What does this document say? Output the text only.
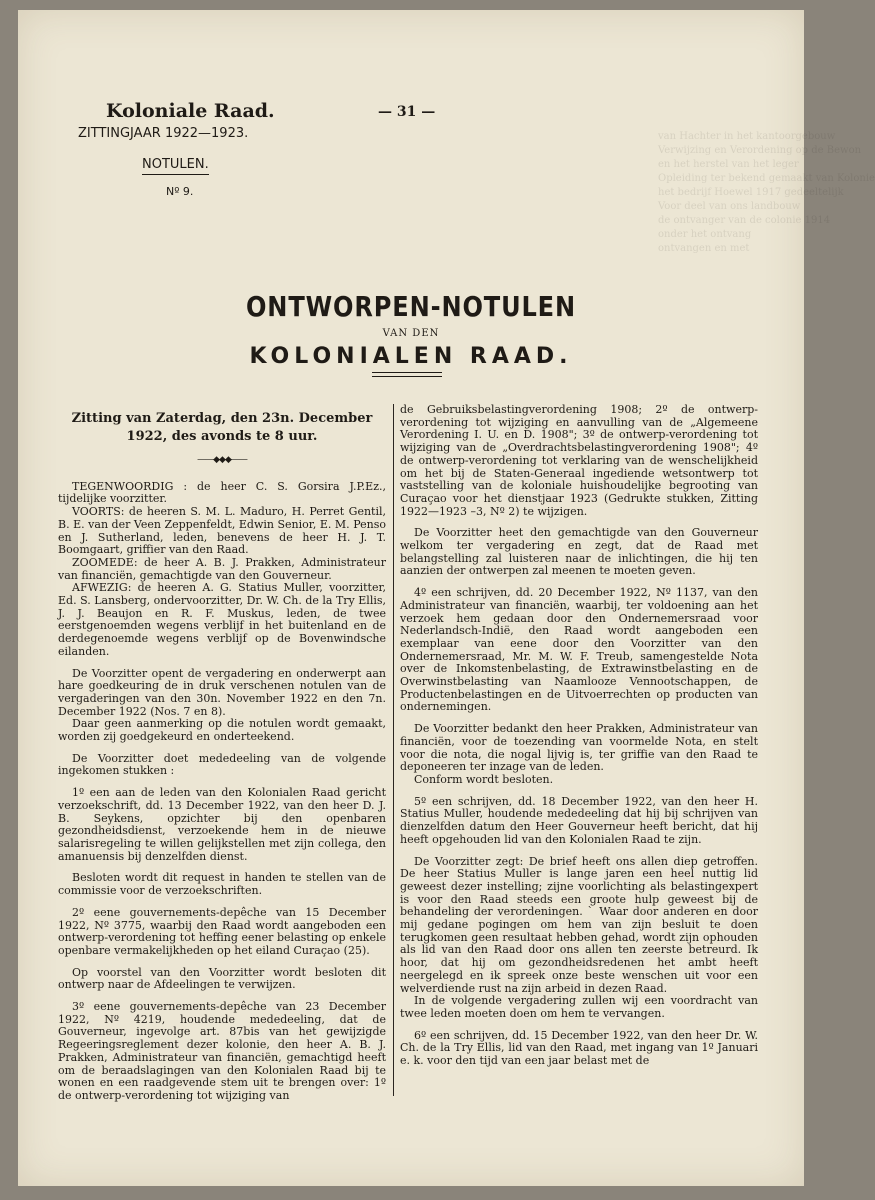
van Hachter in het kantoorgebouw
Verwijzing en Verordening op de Bewon
en het herstel van het leger
Opleiding ter bekend gemaakt van Kolonie
het bedrijf Hoewel 1917 gedeeltelijk
Voor deel van ons landbouw
de ontvanger van de colonie 1914
onder het ontvang
ontvangen en met
Koloniale Raad.
ZITTINGJAAR 1922—1923.
NOTULEN.
Nº 9.
— 31 —
ONTWORPEN-NOTULEN
VAN DEN
KOLONIALEN RAAD.
Zitting van Zaterdag, den 23n. December 1922, des avonds te 8 uur.
——◆◆◆——

TEGENWOORDIG : de heer C. S. Gorsira J.P.Ez., tijdelijke voorzitter.

VOORTS: de heeren S. M. L. Maduro, H. Perret Gentil, B. E. van der Veen Zeppenfeldt, Edwin Senior, E. M. Penso en J. Sutherland, leden, benevens de heer H. J. T. Boomgaart, griffier van den Raad.

ZOOMEDE: de heer A. B. J. Prakken, Administrateur van financiën, gemachtigde van den Gouverneur.

AFWEZIG: de heeren A. G. Statius Muller, voorzitter, Ed. S. Lansberg, ondervoorzitter, Dr. W. Ch. de la Try Ellis, J. J. Beaujon en R. F. Muskus, leden, de twee eerstgenoemden wegens verblijf in het buitenland en de derdegenoemde wegens verblijf op de Bovenwindsche eilanden.

De Voorzitter opent de vergadering en onderwerpt aan hare goedkeuring de in druk verschenen notulen van de vergaderingen van den 30n. November 1922 en den 7n. December 1922 (Nos. 7 en 8).

Daar geen aanmerking op die notulen wordt gemaakt, worden zij goedgekeurd en onderteekend.

De Voorzitter doet mededeeling van de volgende ingekomen stukken :

1º een aan de leden van den Kolonialen Raad gericht verzoekschrift, dd. 13 December 1922, van den heer D. J. B. Seykens, opzichter bij den openbaren gezondheidsdienst, verzoekende hem in de nieuwe salarisregeling te willen gelijkstellen met zijn collega, den amanuensis bij denzelfden dienst.

Besloten wordt dit request in handen te stellen van de commissie voor de verzoekschriften.

2º eene gouvernements-depêche van 15 December 1922, Nº 3775, waarbij den Raad wordt aangeboden een ontwerp-verordening tot heffing eener belasting op enkele openbare vermakelijkheden op het eiland Curaçao (25).

Op voorstel van den Voorzitter wordt besloten dit ontwerp naar de Afdeelingen te verwijzen.

3º eene gouvernements-depêche van 23 December 1922, Nº 4219, houdende mededeeling, dat de Gouverneur, ingevolge art. 87bis van het gewijzigde Regeeringsreglement dezer kolonie, den heer A. B. J. Prakken, Administrateur van financiën, gemachtigd heeft om de beraadslagingen van den Kolonialen Raad bij te wonen en een raadgevende stem uit te brengen over: 1º de ontwerp-verordening tot wijziging van

de Gebruiksbelastingverordening 1908; 2º de ontwerp-verordening tot wijziging en aanvulling van de „Algemeene Verordening I. U. en D. 1908"; 3º de ontwerp-verordening tot wijziging van de „Overdrachtsbelastingverordening 1908"; 4º de ontwerp-verordening tot verklaring van de wenschelijkheid om het bij de Staten-Generaal ingediende wetsontwerp tot vaststelling van de koloniale huishoudelijke begrooting van Curaçao voor het dienstjaar 1923 (Gedrukte stukken, Zitting 1922—1923 –3, Nº 2) te wijzigen.

De Voorzitter heet den gemachtigde van den Gouverneur welkom ter vergadering en zegt, dat de Raad met belangstelling zal luisteren naar de inlichtingen, die hij ten aanzien der ontwerpen zal meenen te moeten geven.

4º een schrijven, dd. 20 December 1922, Nº 1137, van den Administrateur van financiën, waarbij, ter voldoening aan het verzoek hem gedaan door den Ondernemersraad voor Nederlandsch-Indië, den Raad wordt aangeboden een exemplaar van eene door den Voorzitter van den Ondernemersraad, Mr. M. W. F. Treub, samengestelde Nota over de Inkomstenbelasting, de Extrawinstbelasting en de Overwinstbelasting van Naamlooze Vennootschappen, de Productenbelastingen en de Uitvoerrechten op producten van ondernemingen.

De Voorzitter bedankt den heer Prakken, Administrateur van financiën, voor de toezending van voormelde Nota, en stelt voor die nota, die nogal lijvig is, ter griffie van den Raad te deponeeren ter inzage van de leden.

Conform wordt besloten.

5º een schrijven, dd. 18 December 1922, van den heer H. Statius Muller, houdende mededeeling dat hij bij schrijven van dienzelfden datum den Heer Gouverneur heeft bericht, dat hij heeft opgehouden lid van den Kolonialen Raad te zijn.

De Voorzitter zegt: De brief heeft ons allen diep getroffen. De heer Statius Muller is lange jaren een heel nuttig lid geweest dezer instelling; zijne voorlichting als belastingexpert is voor den Raad steeds een groote hulp geweest bij de behandeling der verordeningen. ˋ Waar door anderen en door mij gedane pogingen om hem van zijn besluit te doen terugkomen geen resultaat hebben gehad, wordt zijn ophouden als lid van den Raad door ons allen ten zeerste betreurd. Ik hoor, dat hij om gezondheidsredenen het ambt heeft neergelegd en ik spreek onze beste wenschen uit voor een welverdiende rust na zijn arbeid in dezen Raad.

In de volgende vergadering zullen wij een voordracht van twee leden moeten doen om hem te vervangen.

6º een schrijven, dd. 15 December 1922, van den heer Dr. W. Ch. de la Try Ellis, lid van den Raad, met ingang van 1º Januari e. k. voor den tijd van een jaar belast met de
